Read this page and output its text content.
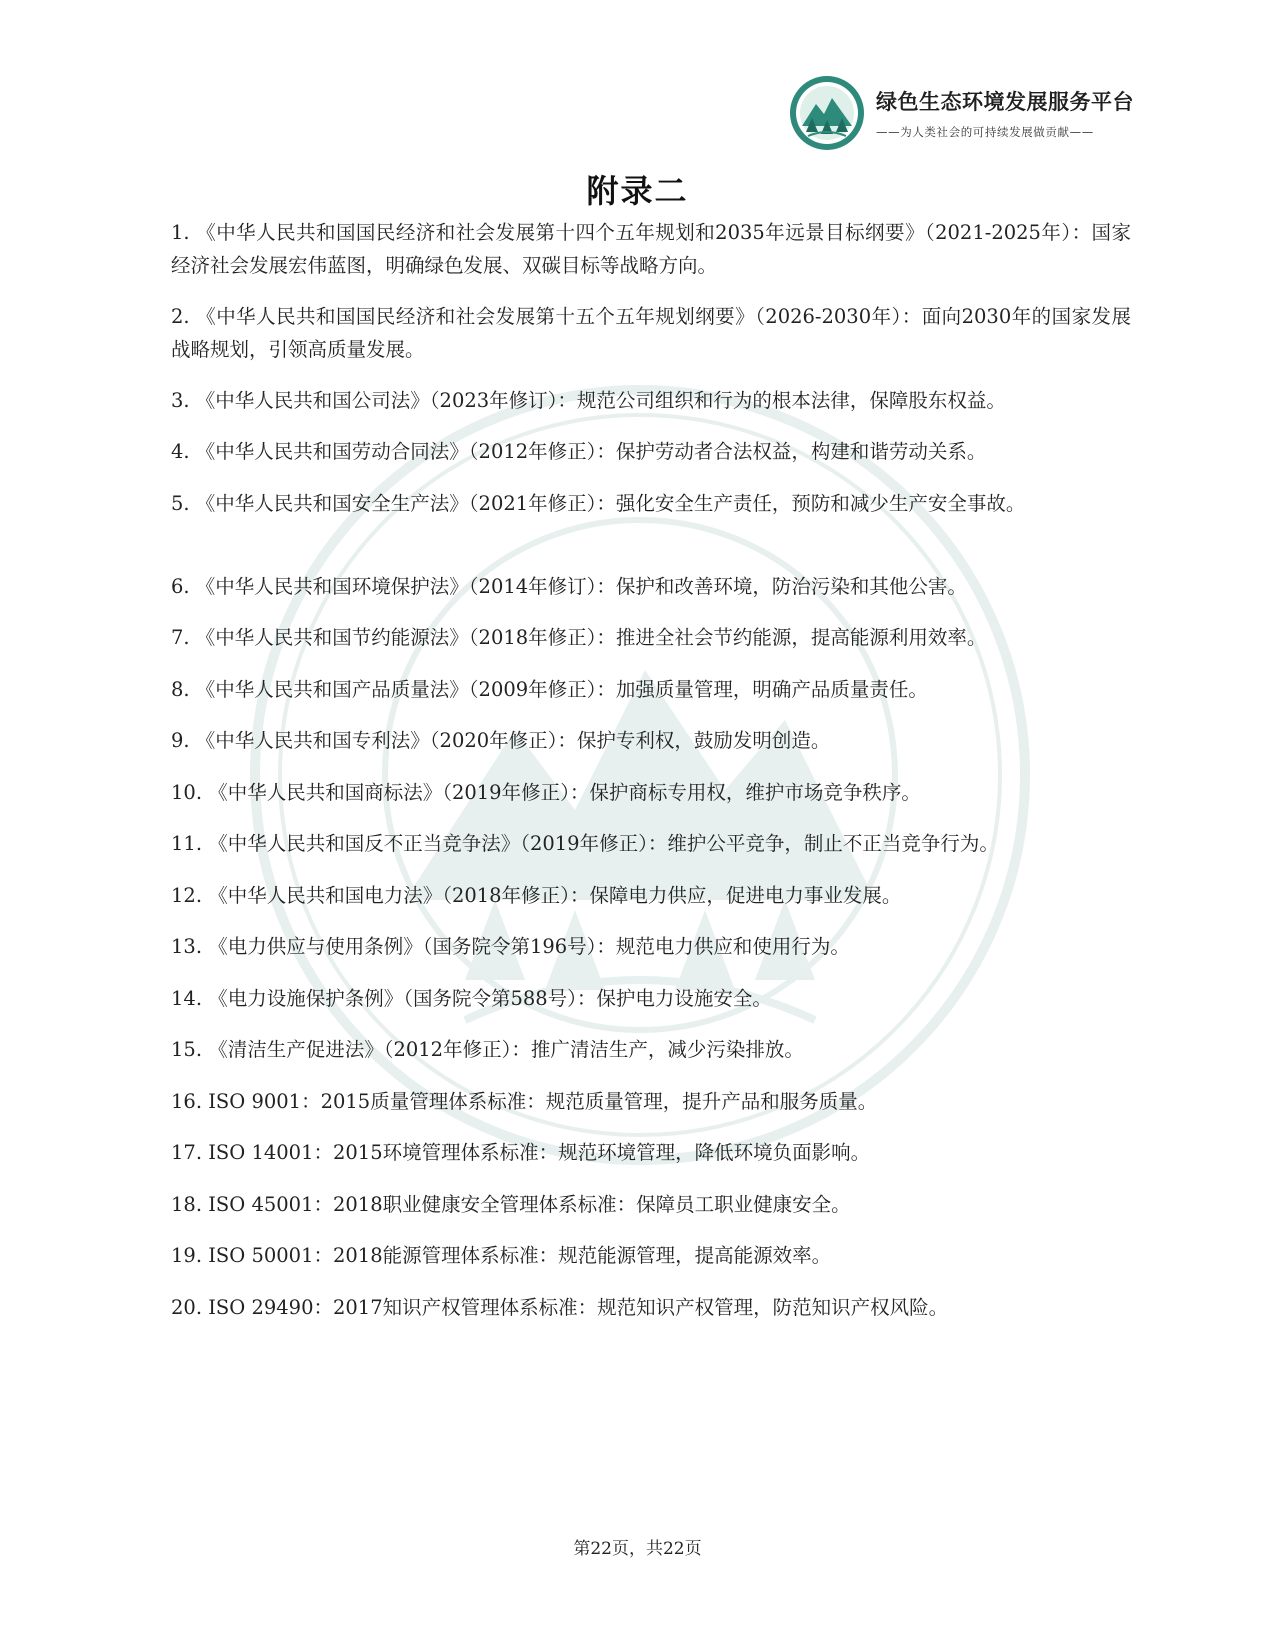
绿色生态环境发展服务平台
——为人类社会的可持续发展做贡献——
附录二

1. 《中华人民共和国国民经济和社会发展第十四个五年规划和2035年远景目标纲要》（2021-2025年）：国家经济社会发展宏伟蓝图，明确绿色发展、双碳目标等战略方向。

2. 《中华人民共和国国民经济和社会发展第十五个五年规划纲要》（2026-2030年）：面向2030年的国家发展战略规划，引领高质量发展。

3. 《中华人民共和国公司法》（2023年修订）：规范公司组织和行为的根本法律，保障股东权益。

4. 《中华人民共和国劳动合同法》（2012年修正）：保护劳动者合法权益，构建和谐劳动关系。

5. 《中华人民共和国安全生产法》（2021年修正）：强化安全生产责任，预防和减少生产安全事故。

6. 《中华人民共和国环境保护法》（2014年修订）：保护和改善环境，防治污染和其他公害。

7. 《中华人民共和国节约能源法》（2018年修正）：推进全社会节约能源，提高能源利用效率。

8. 《中华人民共和国产品质量法》（2009年修正）：加强质量管理，明确产品质量责任。

9. 《中华人民共和国专利法》（2020年修正）：保护专利权，鼓励发明创造。

10. 《中华人民共和国商标法》（2019年修正）：保护商标专用权，维护市场竞争秩序。

11. 《中华人民共和国反不正当竞争法》（2019年修正）：维护公平竞争，制止不正当竞争行为。

12. 《中华人民共和国电力法》（2018年修正）：保障电力供应，促进电力事业发展。

13. 《电力供应与使用条例》（国务院令第196号）：规范电力供应和使用行为。

14. 《电力设施保护条例》（国务院令第588号）：保护电力设施安全。

15. 《清洁生产促进法》（2012年修正）：推广清洁生产，减少污染排放。

16. ISO 9001：2015质量管理体系标准：规范质量管理，提升产品和服务质量。

17. ISO 14001：2015环境管理体系标准：规范环境管理，降低环境负面影响。

18. ISO 45001：2018职业健康安全管理体系标准：保障员工职业健康安全。

19. ISO 50001：2018能源管理体系标准：规范能源管理，提高能源效率。

20. ISO 29490：2017知识产权管理体系标准：规范知识产权管理，防范知识产权风险。

第22页，共22页
